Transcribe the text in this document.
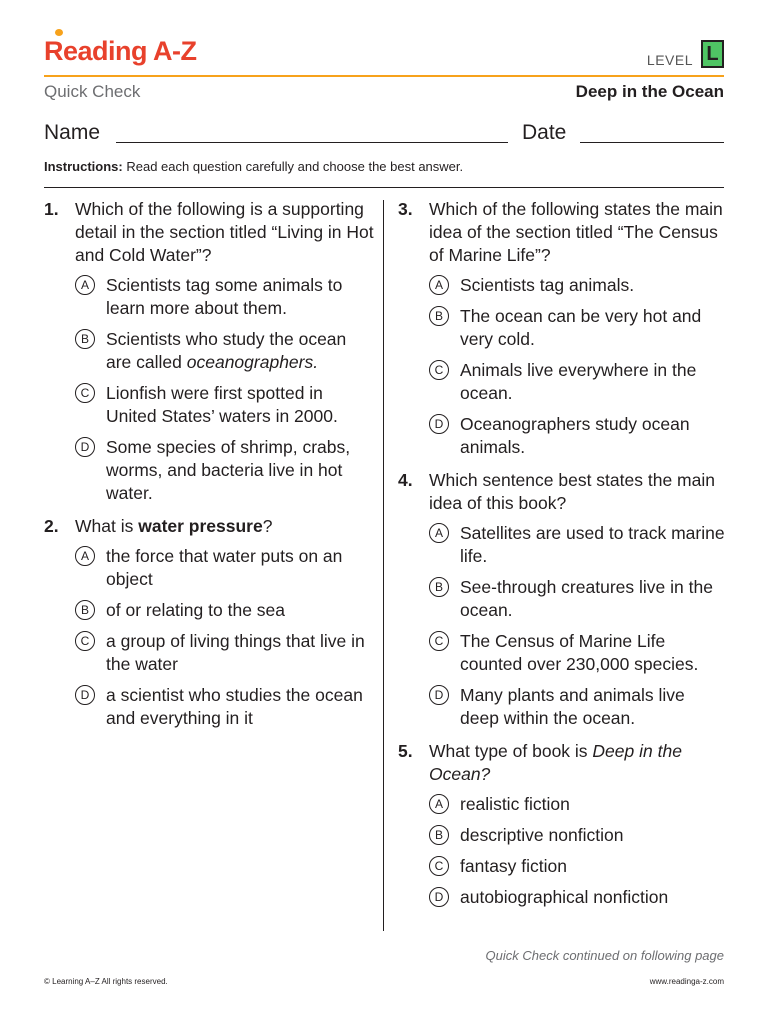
Reading A-Z	LEVEL L
Quick Check	Deep in the Ocean
Name	Date
Instructions: Read each question carefully and choose the best answer.
1. Which of the following is a supporting detail in the section titled “Living in Hot and Cold Water”?
A Scientists tag some animals to learn more about them.
B Scientists who study the ocean are called oceanographers.
C Lionfish were first spotted in United States’ waters in 2000.
D Some species of shrimp, crabs, worms, and bacteria live in hot water.
2. What is water pressure?
A the force that water puts on an object
B of or relating to the sea
C a group of living things that live in the water
D a scientist who studies the ocean and everything in it
3. Which of the following states the main idea of the section titled “The Census of Marine Life”?
A Scientists tag animals.
B The ocean can be very hot and very cold.
C Animals live everywhere in the ocean.
D Oceanographers study ocean animals.
4. Which sentence best states the main idea of this book?
A Satellites are used to track marine life.
B See-through creatures live in the ocean.
C The Census of Marine Life counted over 230,000 species.
D Many plants and animals live deep within the ocean.
5. What type of book is Deep in the Ocean?
A realistic fiction
B descriptive nonfiction
C fantasy fiction
D autobiographical nonfiction
Quick Check continued on following page
© Learning A–Z All rights reserved.	www.readinga-z.com
